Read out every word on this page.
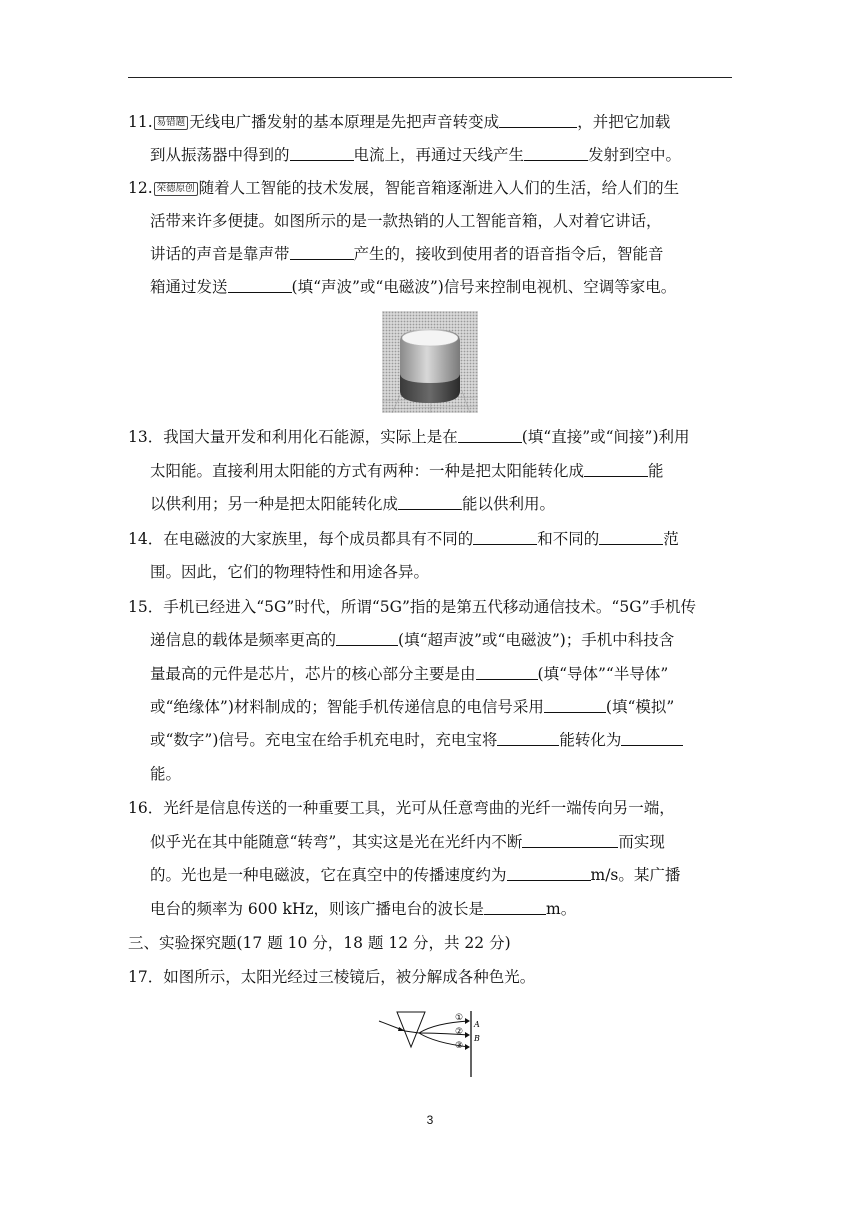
11. 易错题 无线电广播发射的基本原理是先把声音转变成	，并把它加载
到从振荡器中得到的	电流上，再通过天线产生	发射到空中。
12. 荣德原创 随着人工智能的技术发展，智能音箱逐渐进入人们的生活，给人们的生
活带来许多便捷。如图所示的是一款热销的人工智能音箱，人对着它讲话，
讲话的声音是靠声带	产生的，接收到使用者的语音指令后，智能音
箱通过发送	(填“声波”或“电磁波”)信号来控制电视机、空调等家电。
13．我国大量开发和利用化石能源，实际上是在	(填“直接”或“间接”)利用
太阳能。直接利用太阳能的方式有两种：一种是把太阳能转化成	能
以供利用；另一种是把太阳能转化成	能以供利用。
14．在电磁波的大家族里，每个成员都具有不同的	和不同的	范
围。因此，它们的物理特性和用途各异。
15．手机已经进入“5G”时代，所谓“5G”指的是第五代移动通信技术。“5G”手机传
递信息的载体是频率更高的	(填“超声波”或“电磁波”)；手机中科技含
量最高的元件是芯片，芯片的核心部分主要是由	(填“导体”“半导体”
或“绝缘体”)材料制成的；智能手机传递信息的电信号采用	(填“模拟”
或“数字”)信号。充电宝在给手机充电时，充电宝将	能转化为
能。
16．光纤是信息传送的一种重要工具，光可从任意弯曲的光纤一端传向另一端，
似乎光在其中能随意“转弯”，其实这是光在光纤内不断	而实现
的。光也是一种电磁波，它在真空中的传播速度约为	m/s。某广播
电台的频率为 600 kHz，则该广播电台的波长是	m。
三、实验探究题(17 题 10 分，18 题 12 分，共 22 分)
17．如图所示，太阳光经过三棱镜后，被分解成各种色光。
①
②
③
A
B
3
